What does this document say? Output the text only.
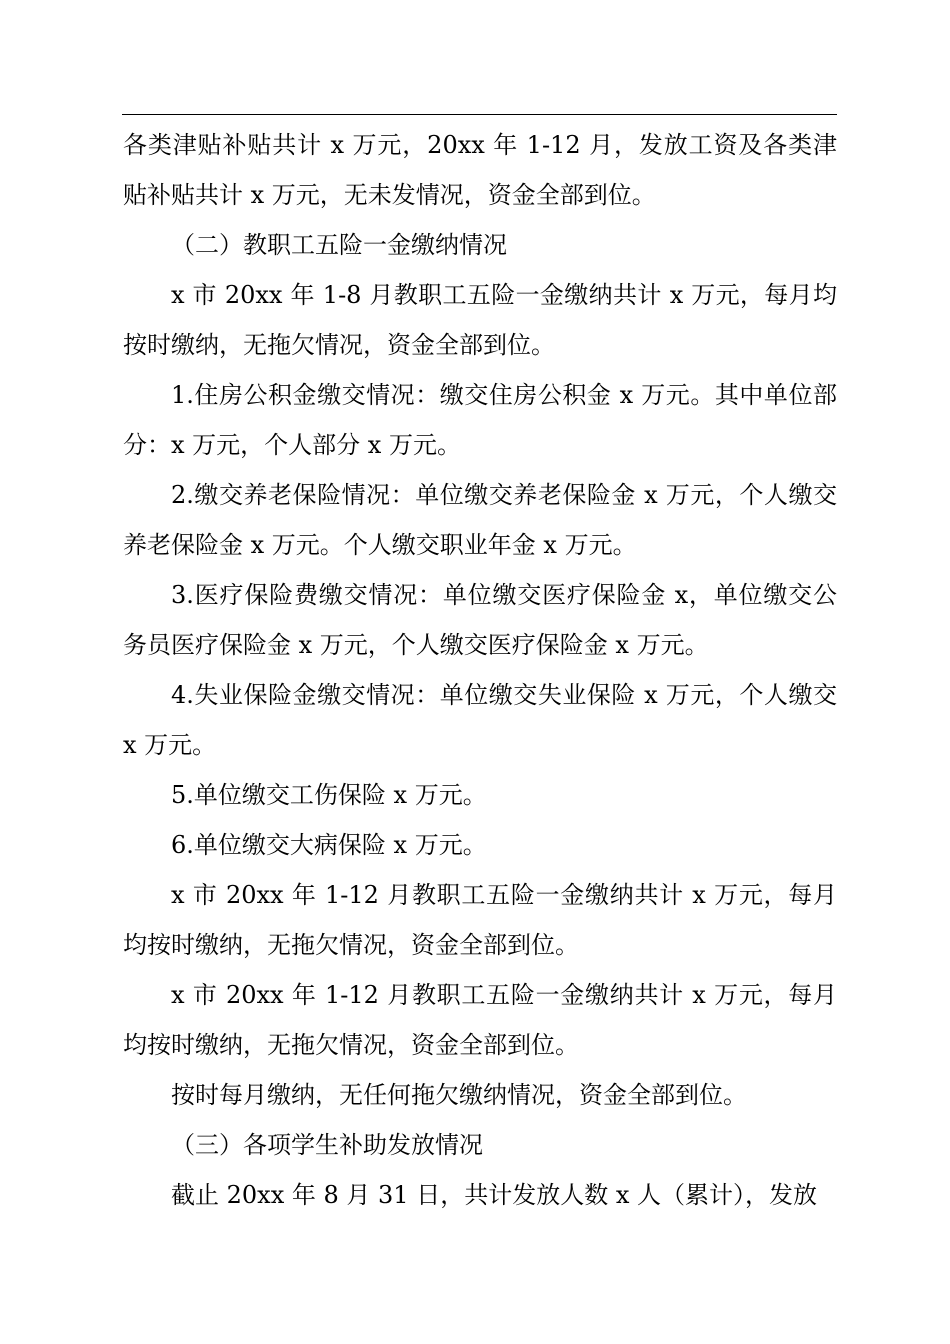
各类津贴补贴共计 x 万元，20xx 年 1-12 月，发放工资及各类津贴补贴共计 x 万元，无未发情况，资金全部到位。

（二）教职工五险一金缴纳情况

x 市 20xx 年 1-8 月教职工五险一金缴纳共计 x 万元，每月均按时缴纳，无拖欠情况，资金全部到位。

1.住房公积金缴交情况：缴交住房公积金 x 万元。其中单位部分：x 万元，个人部分 x 万元。

2.缴交养老保险情况：单位缴交养老保险金 x 万元，个人缴交养老保险金 x 万元。个人缴交职业年金 x 万元。

3.医疗保险费缴交情况：单位缴交医疗保险金 x，单位缴交公务员医疗保险金 x 万元，个人缴交医疗保险金 x 万元。

4.失业保险金缴交情况：单位缴交失业保险 x 万元，个人缴交 x 万元。

5.单位缴交工伤保险 x 万元。

6.单位缴交大病保险 x 万元。

x 市 20xx 年 1-12 月教职工五险一金缴纳共计 x 万元，每月均按时缴纳，无拖欠情况，资金全部到位。

x 市 20xx 年 1-12 月教职工五险一金缴纳共计 x 万元，每月均按时缴纳，无拖欠情况，资金全部到位。

按时每月缴纳，无任何拖欠缴纳情况，资金全部到位。

（三）各项学生补助发放情况

截止 20xx 年 8 月 31 日，共计发放人数 x 人（累计），发放
